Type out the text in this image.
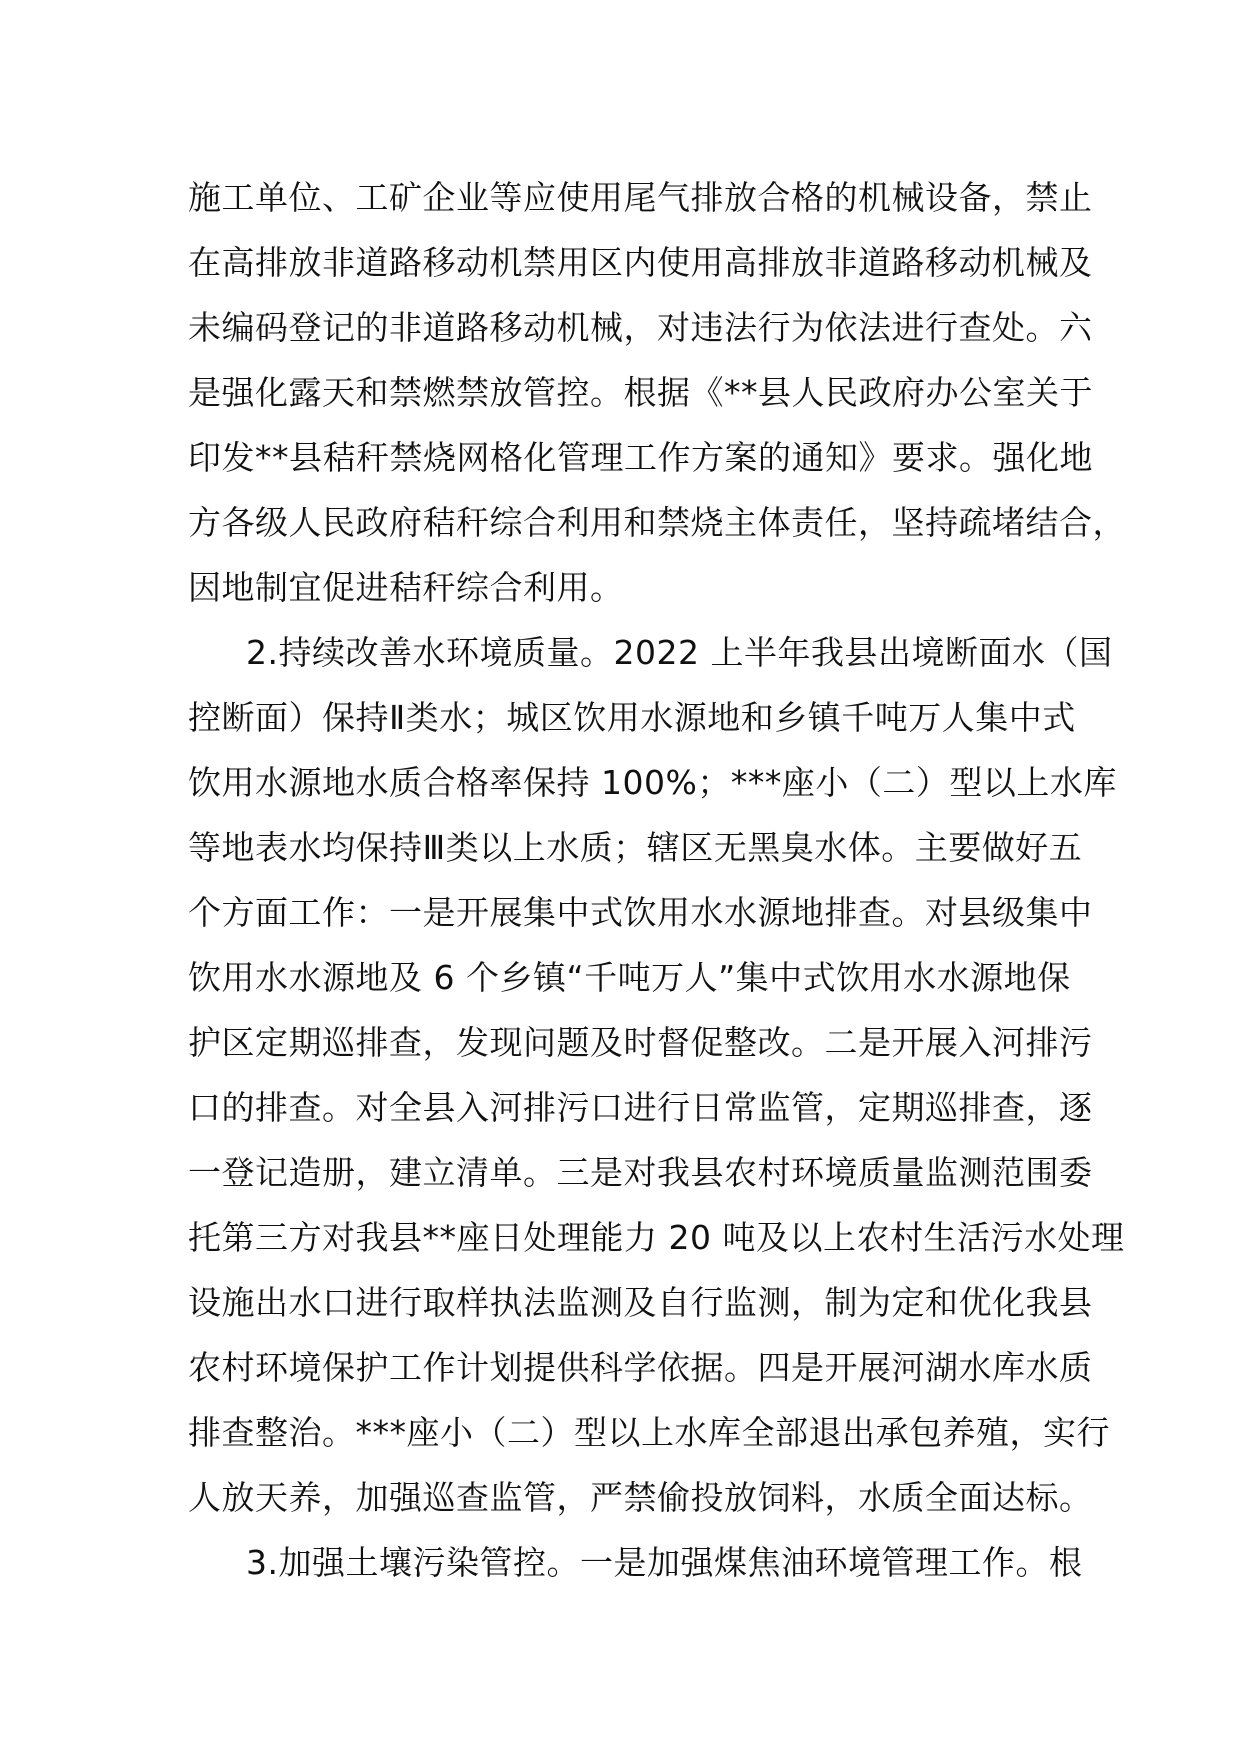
施工单位、工矿企业等应使用尾气排放合格的机械设备，禁止
在高排放非道路移动机禁用区内使用高排放非道路移动机械及
未编码登记的非道路移动机械，对违法行为依法进行查处。六
是强化露天和禁燃禁放管控。根据《**县人民政府办公室关于
印发**县秸秆禁烧网格化管理工作方案的通知》要求。强化地
方各级人民政府秸秆综合利用和禁烧主体责任，坚持疏堵结合，
因地制宜促进秸秆综合利用。
2.持续改善水环境质量。2022 上半年我县出境断面水（国
控断面）保持Ⅱ类水；城区饮用水源地和乡镇千吨万人集中式
饮用水源地水质合格率保持 100%；***座小（二）型以上水库
等地表水均保持Ⅲ类以上水质；辖区无黑臭水体。主要做好五
个方面工作：一是开展集中式饮用水水源地排查。对县级集中
饮用水水源地及 6 个乡镇“千吨万人”集中式饮用水水源地保
护区定期巡排查，发现问题及时督促整改。二是开展入河排污
口的排查。对全县入河排污口进行日常监管，定期巡排查，逐
一登记造册，建立清单。三是对我县农村环境质量监测范围委
托第三方对我县**座日处理能力 20 吨及以上农村生活污水处理
设施出水口进行取样执法监测及自行监测，制为定和优化我县
农村环境保护工作计划提供科学依据。四是开展河湖水库水质
排查整治。***座小（二）型以上水库全部退出承包养殖，实行
人放天养，加强巡查监管，严禁偷投放饲料，水质全面达标。
3.加强土壤污染管控。一是加强煤焦油环境管理工作。根
